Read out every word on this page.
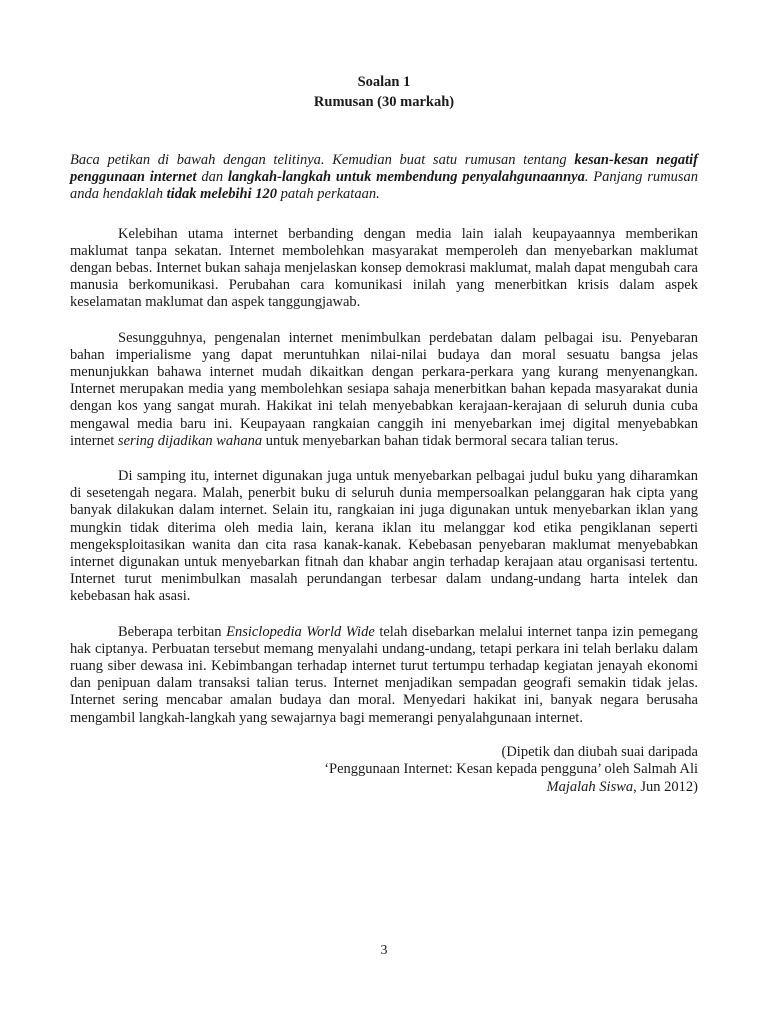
Soalan 1

Rumusan (30 markah)

Baca petikan di bawah dengan telitinya. Kemudian buat satu rumusan tentang kesan-kesan negatif penggunaan internet dan langkah-langkah untuk membendung penyalahgunaannya. Panjang rumusan anda hendaklah tidak melebihi 120 patah perkataan.

Kelebihan utama internet berbanding dengan media lain ialah keupayaannya memberikan maklumat tanpa sekatan. Internet membolehkan masyarakat memperoleh dan menyebarkan maklumat dengan bebas. Internet bukan sahaja menjelaskan konsep demokrasi maklumat, malah dapat mengubah cara manusia berkomunikasi. Perubahan cara komunikasi inilah yang menerbitkan krisis dalam aspek keselamatan maklumat dan aspek tanggungjawab.

Sesungguhnya, pengenalan internet menimbulkan perdebatan dalam pelbagai isu. Penyebaran bahan imperialisme yang dapat meruntuhkan nilai-nilai budaya dan moral sesuatu bangsa jelas menunjukkan bahawa internet mudah dikaitkan dengan perkara-perkara yang kurang menyenangkan. Internet merupakan media yang membolehkan sesiapa sahaja menerbitkan bahan kepada masyarakat dunia dengan kos yang sangat murah. Hakikat ini telah menyebabkan kerajaan-kerajaan di seluruh dunia cuba mengawal media baru ini. Keupayaan rangkaian canggih ini menyebarkan imej digital menyebabkan internet sering dijadikan wahana untuk menyebarkan bahan tidak bermoral secara talian terus.

Di samping itu, internet digunakan juga untuk menyebarkan pelbagai judul buku yang diharamkan di sesetengah negara. Malah, penerbit buku di seluruh dunia mempersoalkan pelanggaran hak cipta yang banyak dilakukan dalam internet. Selain itu, rangkaian ini juga digunakan untuk menyebarkan iklan yang mungkin tidak diterima oleh media lain, kerana iklan itu melanggar kod etika pengiklanan seperti mengeksploitasikan wanita dan cita rasa kanak-kanak. Kebebasan penyebaran maklumat menyebabkan internet digunakan untuk menyebarkan fitnah dan khabar angin terhadap kerajaan atau organisasi tertentu. Internet turut menimbulkan masalah perundangan terbesar dalam undang-undang harta intelek dan kebebasan hak asasi.

Beberapa terbitan Ensiclopedia World Wide telah disebarkan melalui internet tanpa izin pemegang hak ciptanya. Perbuatan tersebut memang menyalahi undang-undang, tetapi perkara ini telah berlaku dalam ruang siber dewasa ini. Kebimbangan terhadap internet turut tertumpu terhadap kegiatan jenayah ekonomi dan penipuan dalam transaksi talian terus. Internet menjadikan sempadan geografi semakin tidak jelas. Internet sering mencabar amalan budaya dan moral. Menyedari hakikat ini, banyak negara berusaha mengambil langkah-langkah yang sewajarnya bagi memerangi penyalahgunaan internet.

(Dipetik dan diubah suai daripada
‘Penggunaan Internet: Kesan kepada pengguna’ oleh Salmah Ali
Majalah Siswa, Jun 2012)
3
